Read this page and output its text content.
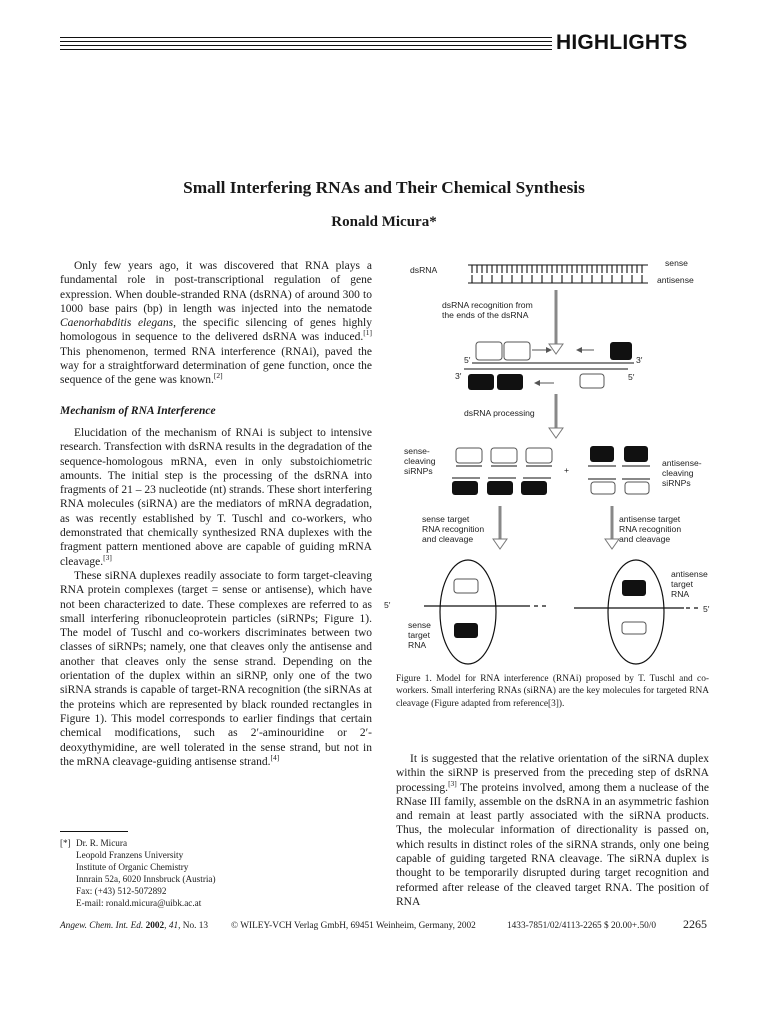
HIGHLIGHTS
Small Interfering RNAs and Their Chemical Synthesis
Ronald Micura*

Only few years ago, it was discovered that RNA plays a fundamental role in post-transcriptional regulation of gene expression. When double-stranded RNA (dsRNA) of around 300 to 1000 base pairs (bp) in length was injected into the nematode Caenorhabditis elegans, the specific silencing of genes highly homologous in sequence to the delivered dsRNA was induced.[1] This phenomenon, termed RNA interference (RNAi), paved the way for a straightforward determination of gene function, once the sequence of the gene was known.[2]

Mechanism of RNA Interference

Elucidation of the mechanism of RNAi is subject to intensive research. Transfection with dsRNA results in the degradation of the sequence-homologous mRNA, even in only substoichiometric amounts. The initial step is the processing of the dsRNA into fragments of 21 – 23 nucleotide (nt) strands. These short interfering RNA molecules (siRNA) are the mediators of mRNA degradation, as was recently established by T. Tuschl and co-workers, who demonstrated that chemically synthesized RNA duplexes with the fragment pattern mentioned above are capable of guiding mRNA cleavage.[3]

These siRNA duplexes readily associate to form target-cleaving RNA protein complexes (target = sense or antisense), which have not been characterized to date. These complexes are referred to as small interfering ribonucleoprotein particles (siRNPs; Figure 1). The model of Tuschl and co-workers discriminates between two classes of siRNPs; namely, one that cleaves only the antisense and another that cleaves only the sense strand. Depending on the orientation of the duplex within an siRNP, only one of the two siRNA strands is capable of target-RNA recognition (the siRNAs at the proteins which are represented by black rounded rectangles in Figure 1). This model corresponds to earlier findings that certain chemical modifications, such as 2′-aminouridine or 2′-deoxythymidine, are well tolerated in the sense strand, but not in the mRNA cleavage-guiding antisense strand.[4]

[*] Dr. R. Micura
Leopold Franzens University
Institute of Organic Chemistry
Innrain 52a, 6020 Innsbruck (Austria)
Fax: (+43) 512-5072892
E-mail: ronald.micura@uibk.ac.at
dsRNA
sense
antisense
dsRNA recognition from
the ends of the dsRNA
5′	3′
3′	5′
dsRNA processing
sense-
cleaving
siRNPs	+
antisense-
cleaving
siRNPs
sense target
RNA recognition
and cleavage
antisense target
RNA recognition
and cleavage
5′
sense
target
RNA
5′
antisense
target
RNA
Figure 1. Model for RNA interference (RNAi) proposed by T. Tuschl and co-workers. Small interfering RNAs (siRNA) are the key molecules for targeted RNA cleavage (Figure adapted from reference[3]).

It is suggested that the relative orientation of the siRNA duplex within the siRNP is preserved from the preceding step of dsRNA processing.[3] The proteins involved, among them a nuclease of the RNase III family, assemble on the dsRNA in an asymmetric fashion and remain at least partly associated with the siRNA products. Thus, the molecular information of directionality is passed on, which results in distinct roles of the siRNA strands, only one being capable of guiding targeted RNA cleavage. The siRNA duplex is thought to be temporarily disrupted during target recognition and reformed after release of the cleaved target RNA. The position of RNA

Angew. Chem. Int. Ed. 2002, 41, No. 13 © WILEY-VCH Verlag GmbH, 69451 Weinheim, Germany, 2002	1433-7851/02/4113-2265 $ 20.00+.50/0 2265
